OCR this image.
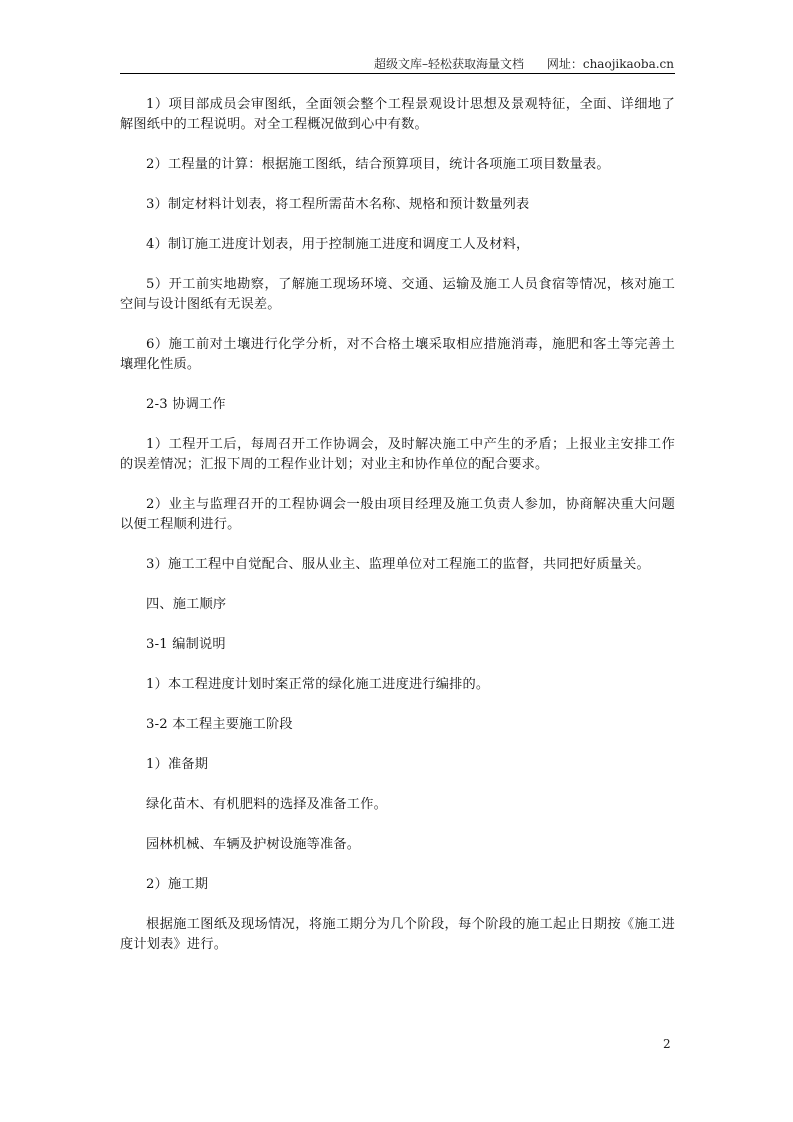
超级文库–轻松获取海量文档 网址：chaojikaoba.cn

1）项目部成员会审图纸，全面领会整个工程景观设计思想及景观特征，全面、详细地了解图纸中的工程说明。对全工程概况做到心中有数。

2）工程量的计算：根据施工图纸，结合预算项目，统计各项施工项目数量表。

3）制定材料计划表，将工程所需苗木名称、规格和预计数量列表

4）制订施工进度计划表，用于控制施工进度和调度工人及材料，

5）开工前实地勘察，了解施工现场环境、交通、运输及施工人员食宿等情况，核对施工空间与设计图纸有无误差。

6）施工前对土壤进行化学分析，对不合格土壤采取相应措施消毒，施肥和客土等完善土壤理化性质。

2-3 协调工作

1）工程开工后，每周召开工作协调会，及时解决施工中产生的矛盾；上报业主安排工作的误差情况；汇报下周的工程作业计划；对业主和协作单位的配合要求。

2）业主与监理召开的工程协调会一般由项目经理及施工负责人参加，协商解决重大问题以便工程顺利进行。

3）施工工程中自觉配合、服从业主、监理单位对工程施工的监督，共同把好质量关。

四、施工顺序

3-1 编制说明

1）本工程进度计划时案正常的绿化施工进度进行编排的。

3-2 本工程主要施工阶段

1）准备期

绿化苗木、有机肥料的选择及准备工作。

园林机械、车辆及护树设施等准备。

2）施工期

根据施工图纸及现场情况，将施工期分为几个阶段，每个阶段的施工起止日期按《施工进度计划表》进行。

2
